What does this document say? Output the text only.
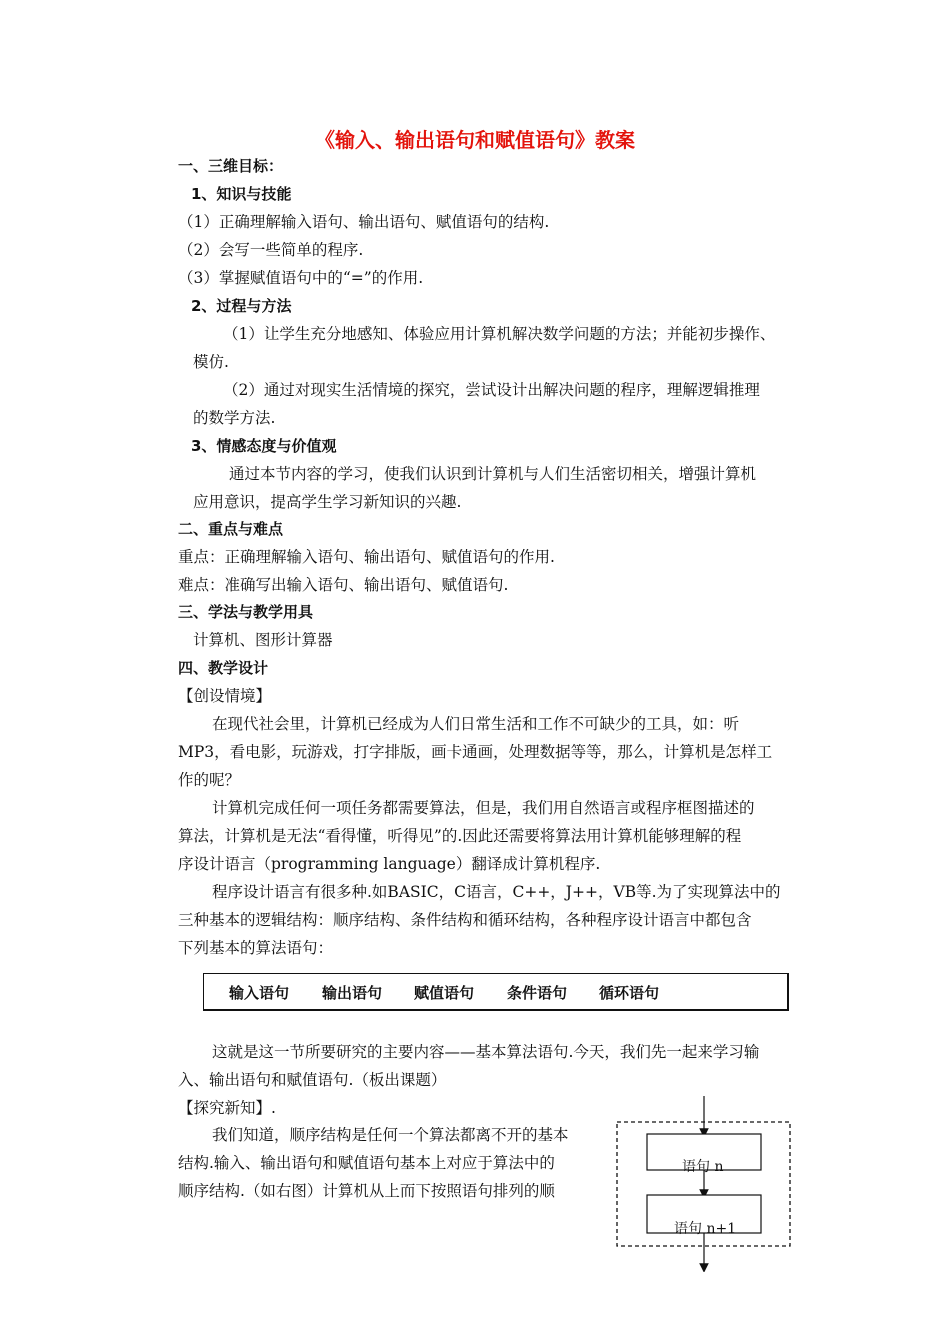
《输入、输出语句和赋值语句》教案
一、三维目标：
1、知识与技能
（1）正确理解输入语句、输出语句、赋值语句的结构.
（2）会写一些简单的程序.
（3）掌握赋值语句中的“=”的作用.
2、过程与方法
（1）让学生充分地感知、体验应用计算机解决数学问题的方法；并能初步操作、
模仿.
（2）通过对现实生活情境的探究，尝试设计出解决问题的程序，理解逻辑推理
的数学方法.
3、情感态度与价值观
通过本节内容的学习，使我们认识到计算机与人们生活密切相关，增强计算机
应用意识，提高学生学习新知识的兴趣.
二、重点与难点
重点：正确理解输入语句、输出语句、赋值语句的作用.
难点：准确写出输入语句、输出语句、赋值语句.
三、学法与教学用具
计算机、图形计算器
四、教学设计
【创设情境】
在现代社会里，计算机已经成为人们日常生活和工作不可缺少的工具，如：听
MP3，看电影，玩游戏，打字排版，画卡通画，处理数据等等，那么，计算机是怎样工
作的呢？
计算机完成任何一项任务都需要算法，但是，我们用自然语言或程序框图描述的
算法，计算机是无法“看得懂，听得见”的.因此还需要将算法用计算机能够理解的程
序设计语言（programming language）翻译成计算机程序.
程序设计语言有很多种.如BASIC，C语言，C++，J++，VB等.为了实现算法中的
三种基本的逻辑结构：顺序结构、条件结构和循环结构，各种程序设计语言中都包含
下列基本的算法语句：
输入语句 输出语句 赋值语句 条件语句 循环语句
这就是这一节所要研究的主要内容——基本算法语句.今天，我们先一起来学习输
入、输出语句和赋值语句.（板出课题）
【探究新知】.
我们知道，顺序结构是任何一个算法都离不开的基本
结构.输入、输出语句和赋值语句基本上对应于算法中的
顺序结构.（如右图）计算机从上而下按照语句排列的顺
语句 n
语句 n+1
